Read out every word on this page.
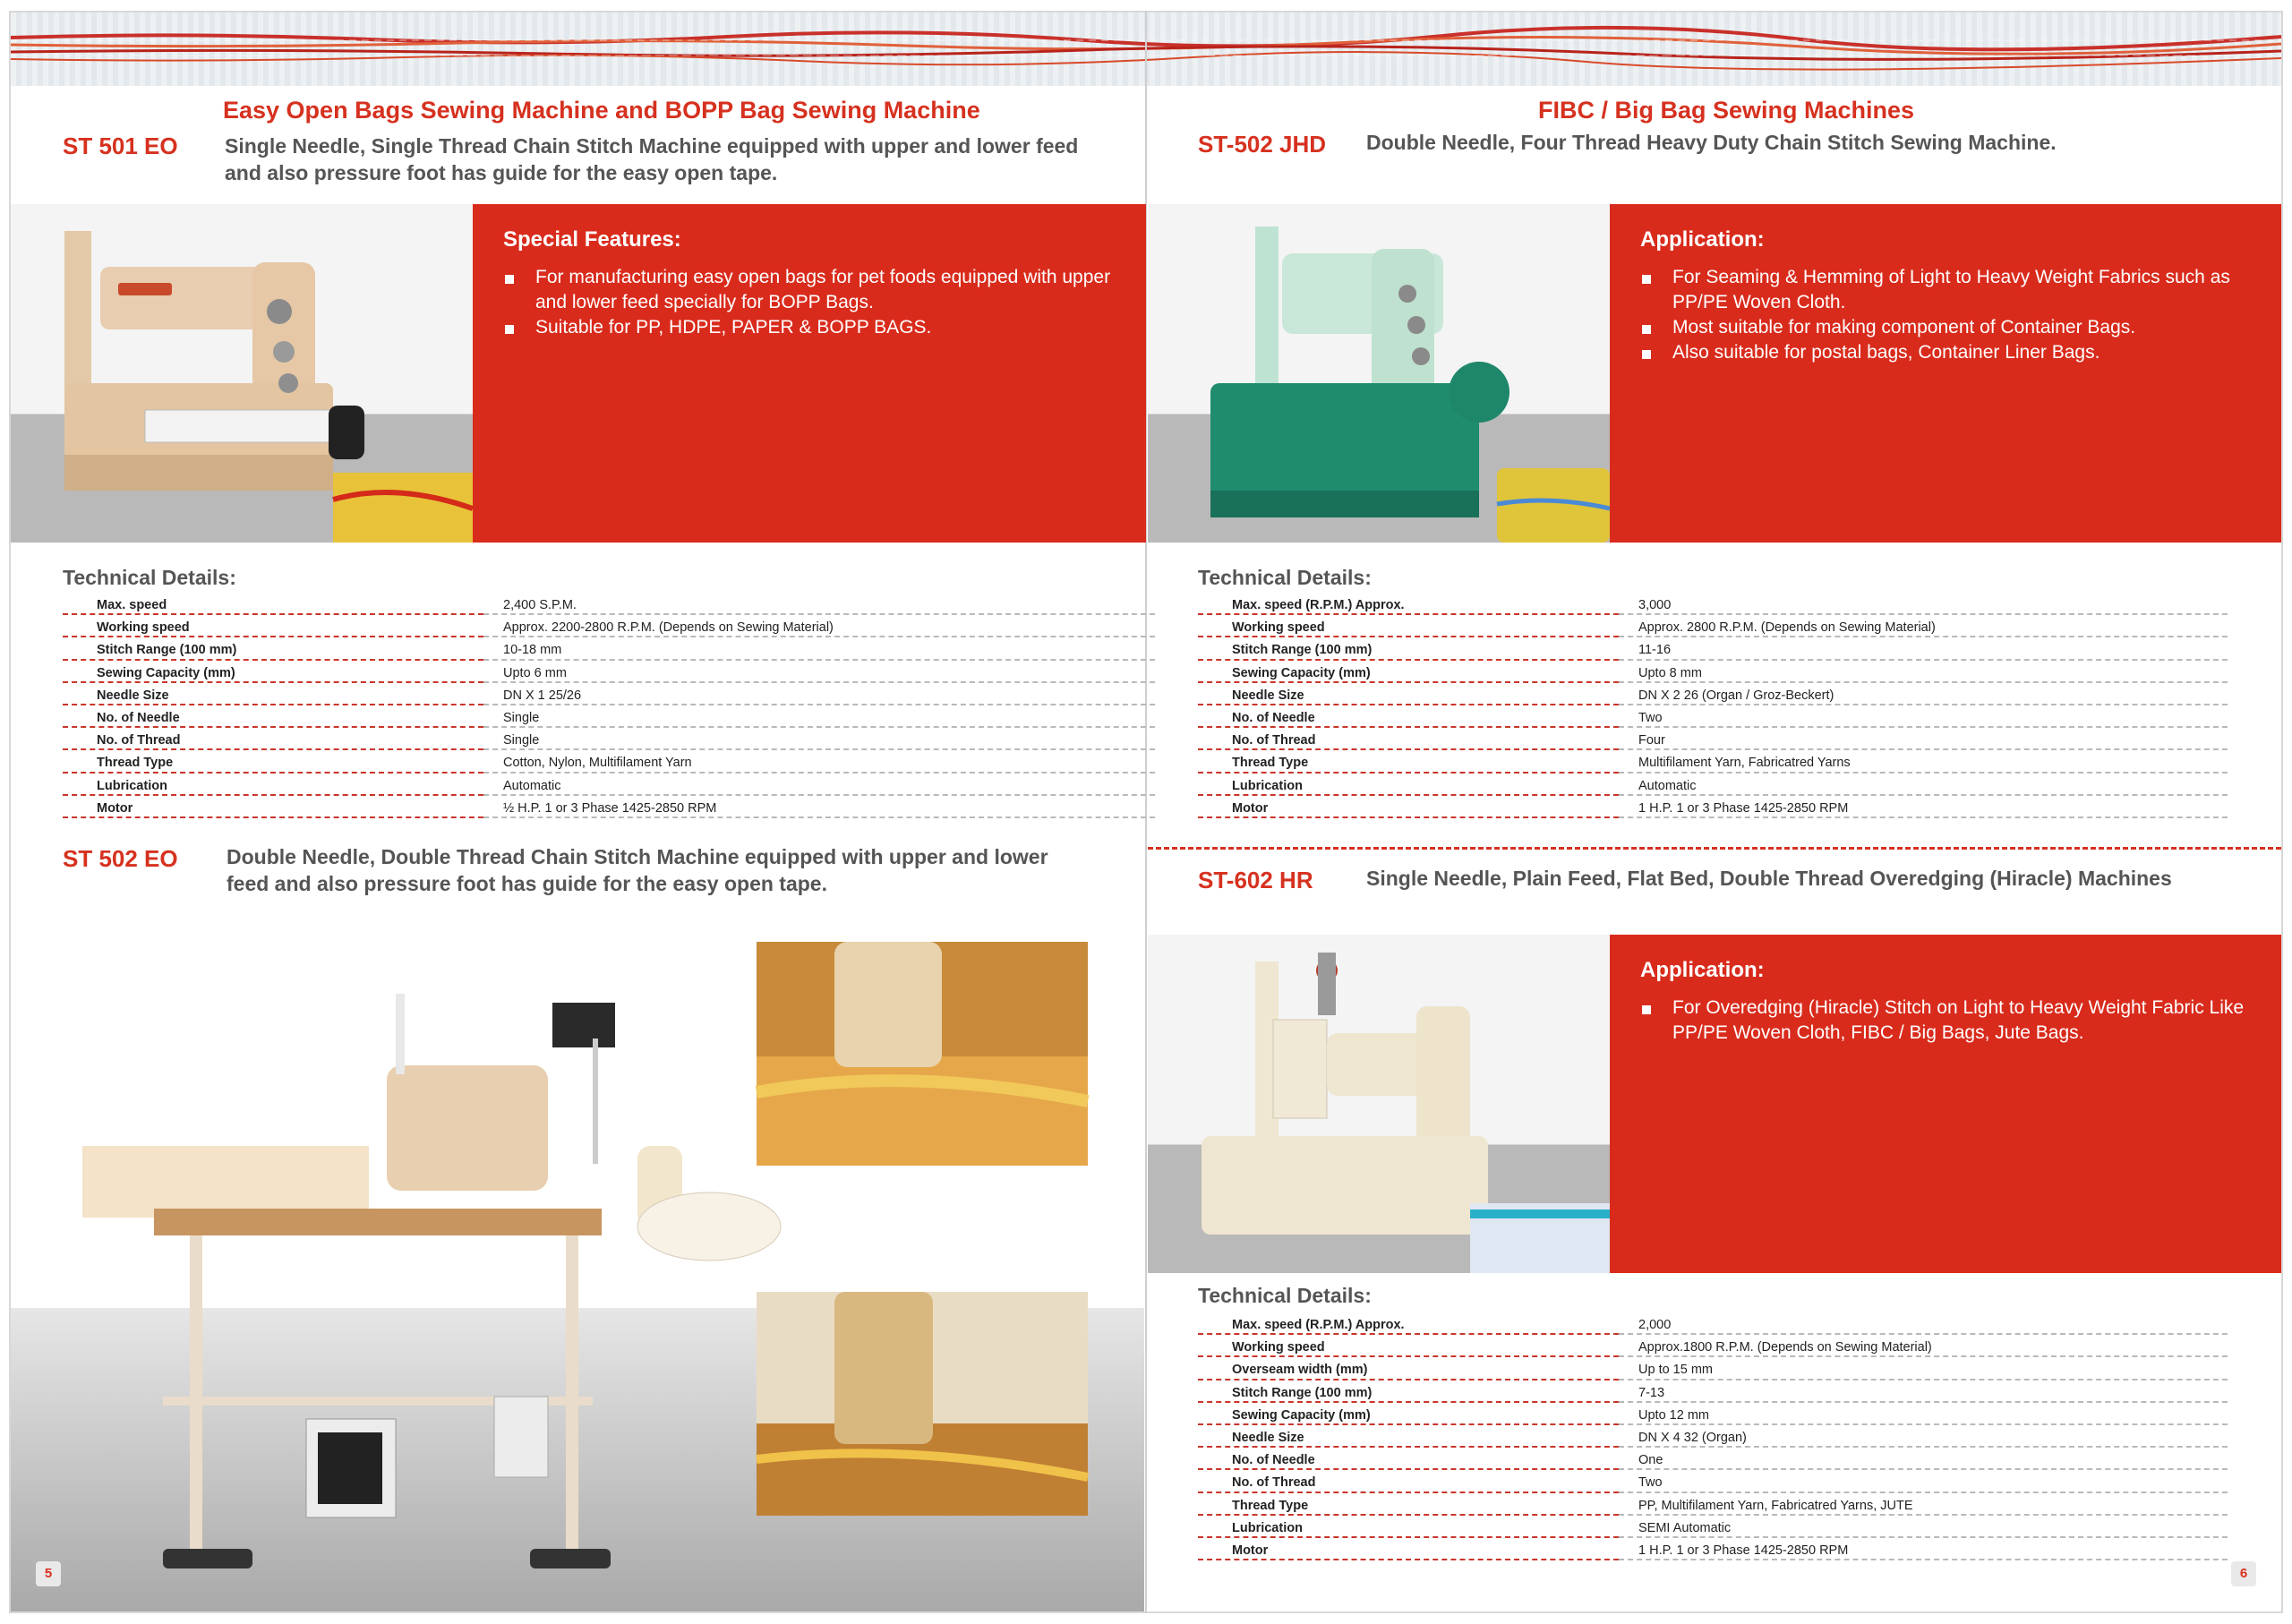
Easy Open Bags Sewing Machine and BOPP Bag Sewing Machine
ST 501 EO Single Needle, Single Thread Chain Stitch Machine equipped with upper and lower feed and also pressure foot has guide for the easy open tape.
Special Features:
For manufacturing easy open bags for pet foods equipped with upper and lower feed specially for BOPP Bags.
Suitable for PP, HDPE, PAPER & BOPP BAGS.
Technical Details:
Max. speed	2,400 S.P.M.
Working speed	Approx. 2200-2800 R.P.M. (Depends on Sewing Material)
Stitch Range (100 mm)	10-18 mm
Sewing Capacity (mm)	Upto 6 mm
Needle Size	DN X 1 25/26
No. of Needle	Single
No. of Thread	Single
Thread Type	Cotton, Nylon, Multifilament Yarn
Lubrication	Automatic
Motor	½ H.P. 1 or 3 Phase 1425-2850 RPM
ST 502 EO Double Needle, Double Thread Chain Stitch Machine equipped with upper and lower feed and also pressure foot has guide for the easy open tape.
5
FIBC / Big Bag Sewing Machines
ST-502 JHD Double Needle, Four Thread Heavy Duty Chain Stitch Sewing Machine.
Application:
For Seaming & Hemming of Light to Heavy Weight Fabrics such as PP/PE Woven Cloth.
Most suitable for making component of Container Bags.
Also suitable for postal bags, Container Liner Bags.
Technical Details:
Max. speed (R.P.M.) Approx.	3,000
Working speed	Approx. 2800 R.P.M. (Depends on Sewing Material)
Stitch Range (100 mm)	11-16
Sewing Capacity (mm)	Upto 8 mm
Needle Size	DN X 2 26 (Organ / Groz-Beckert)
No. of Needle	Two
No. of Thread	Four
Thread Type	Multifilament Yarn, Fabricatred Yarns
Lubrication	Automatic
Motor	1 H.P. 1 or 3 Phase 1425-2850 RPM
ST-602 HR	Single Needle, Plain Feed, Flat Bed, Double Thread Overedging (Hiracle) Machines
Application:
For Overedging (Hiracle) Stitch on Light to Heavy Weight Fabric Like PP/PE Woven Cloth, FIBC / Big Bags, Jute Bags.
Technical Details:
Max. speed (R.P.M.) Approx.	2,000
Working speed	Approx.1800 R.P.M. (Depends on Sewing Material)
Overseam width (mm)	Up to 15 mm
Stitch Range (100 mm)	7-13
Sewing Capacity (mm)	Upto 12 mm
Needle Size	DN X 4 32 (Organ)
No. of Needle	One
No. of Thread	Two
Thread Type	PP, Multifilament Yarn, Fabricatred Yarns, JUTE
Lubrication	SEMI Automatic
Motor	1 H.P. 1 or 3 Phase 1425-2850 RPM
6
